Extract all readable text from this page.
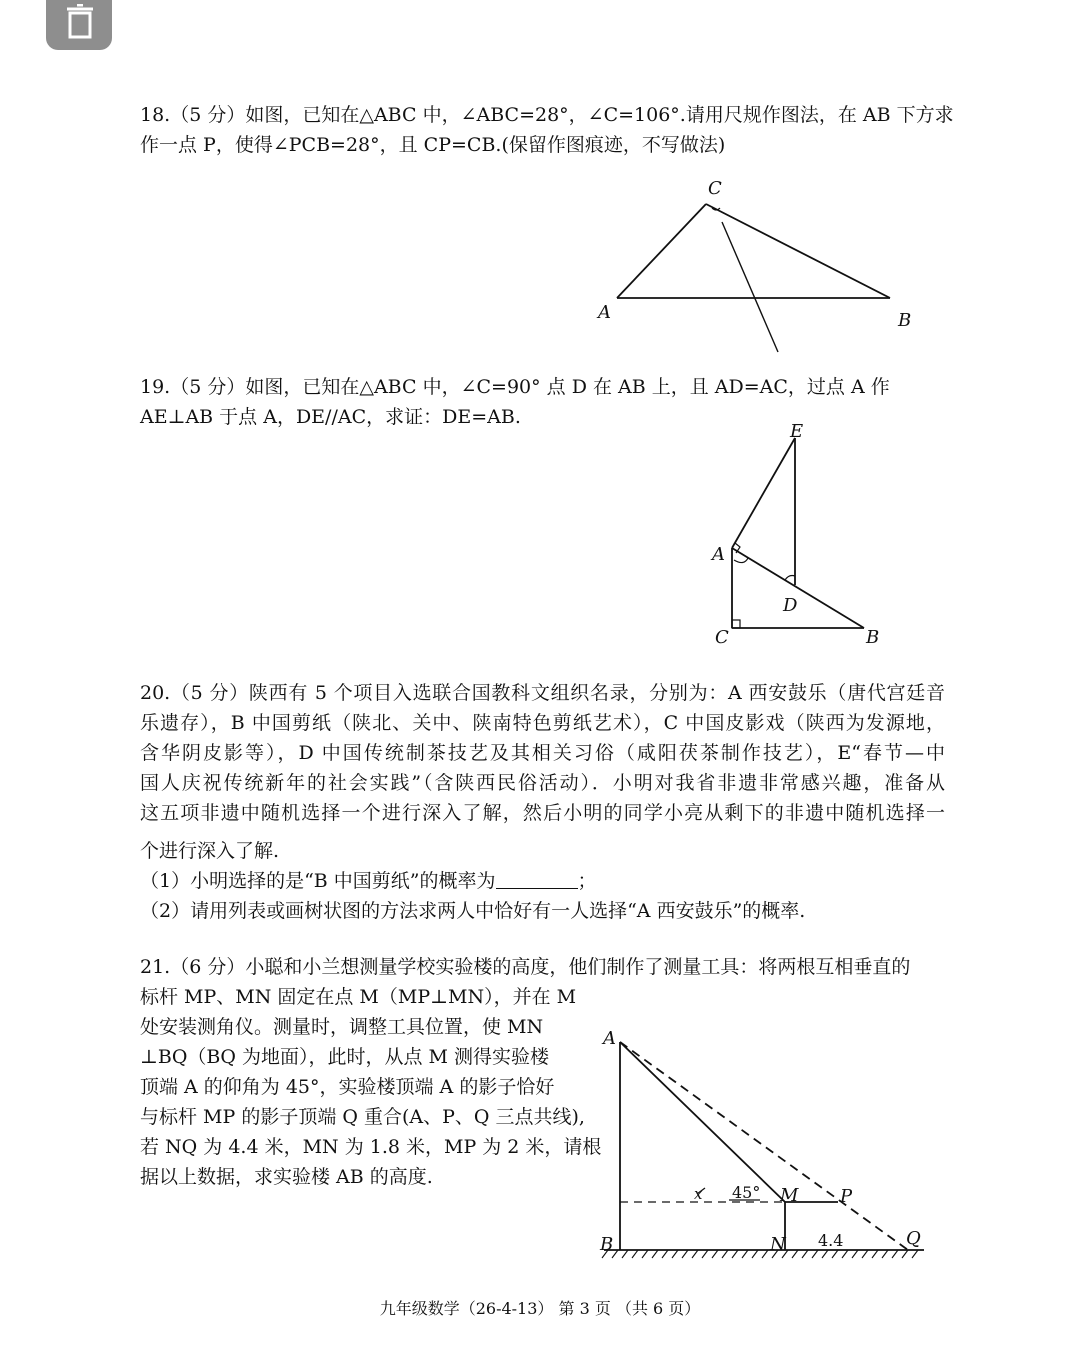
18.（5 分）如图，已知在△ABC 中，∠ABC=28°，∠C=106°.请用尺规作图法，在 AB 下方求

作一点 P，使得∠PCB=28°，且 CP=CB.(保留作图痕迹，不写做法)

C
A	B

19.（5 分）如图，已知在△ABC 中，∠C=90° 点 D 在 AB 上，且 AD=AC，过点 A 作

AE⊥AB 于点 A，DE//AC，求证：DE=AB.

E
A
D
C	B

20.（5 分）陕西有 5 个项目入选联合国教科文组织名录，分别为：A 西安鼓乐（唐代宫廷音

乐遗存），B 中国剪纸（陕北、关中、陕南特色剪纸艺术），C 中国皮影戏（陕西为发源地，

含华阴皮影等），D 中国传统制茶技艺及其相关习俗（咸阳茯茶制作技艺），E“春节—中

国人庆祝传统新年的社会实践”（含陕西民俗活动）．小明对我省非遗非常感兴趣，准备从

这五项非遗中随机选择一个进行深入了解，然后小明的同学小亮从剩下的非遗中随机选择一

个进行深入了解.

（1）小明选择的是“B 中国剪纸”的概率为	；

（2）请用列表或画树状图的方法求两人中恰好有一人选择“A 西安鼓乐”的概率.

21.（6 分）小聪和小兰想测量学校实验楼的高度，他们制作了测量工具：将两根互相垂直的

标杆 MP、MN 固定在点 M（MP⊥MN），并在 M

处安装测角仪。测量时，调整工具位置，使 MN

⊥BQ（BQ 为地面），此时，从点 M 测得实验楼

顶端 A 的仰角为 45°，实验楼顶端 A 的影子恰好

与标杆 MP 的影子顶端 Q 重合(A、P、Q 三点共线),

若 NQ 为 4.4 米，MN 为 1.8 米，MP 为 2 米，请根

据以上数据，求实验楼 AB 的高度.

A
P
M
45°
x
B	N 4.4	Q
九年级数学（26-4-13） 第 3 页 （共 6 页）
